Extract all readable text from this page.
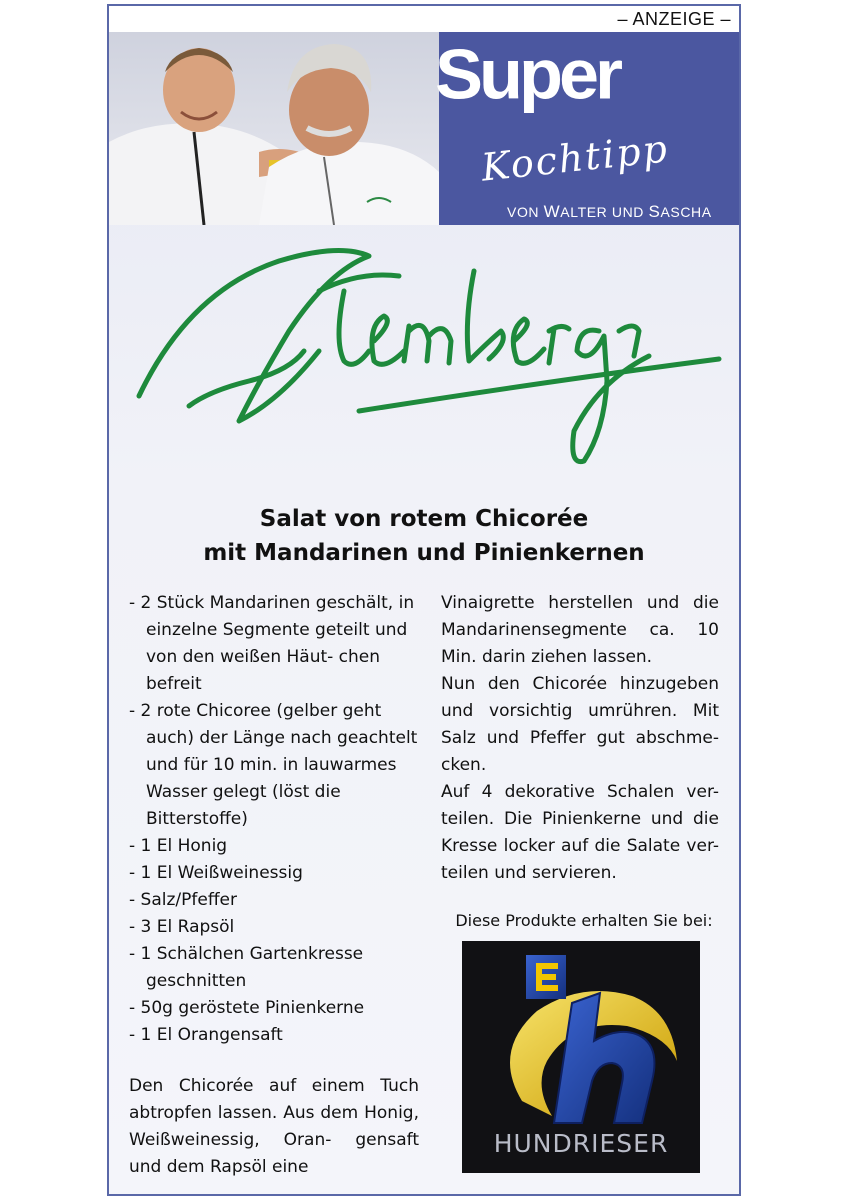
– ANZEIGE –
Super
Kochtipp
VON WALTER UND SASCHA
Salat von rotem Chicorée
mit Mandarinen und Pinienkernen

- 2 Stück Mandarinen geschält, in einzelne Segmente geteilt und von den weißen Häut- chen befreit

- 2 rote Chicoree (gelber geht auch) der Länge nach geachtelt und für 10 min. in lauwarmes Wasser gelegt (löst die Bitterstoffe)

- 1 El Honig

- 1 El Weißweinessig

- Salz/Pfeffer

- 3 El Rapsöl

- 1 Schälchen Gartenkresse geschnitten

- 50g geröstete Pinienkerne

- 1 El Orangensaft

Den Chicorée auf einem Tuch abtropfen lassen. Aus dem Honig, Weißweinessig, Oran- gensaft und dem Rapsöl eine

Vinaigrette herstellen und die Mandarinensegmente ca. 10 Min. darin ziehen lassen.

Nun den Chicorée hinzugeben und vorsichtig umrühren. Mit Salz und Pfeffer gut abschme- cken.

Auf 4 dekorative Schalen ver- teilen. Die Pinienkerne und die Kresse locker auf die Salate ver- teilen und servieren.

Diese Produkte erhalten Sie bei:
HUNDRIESER
